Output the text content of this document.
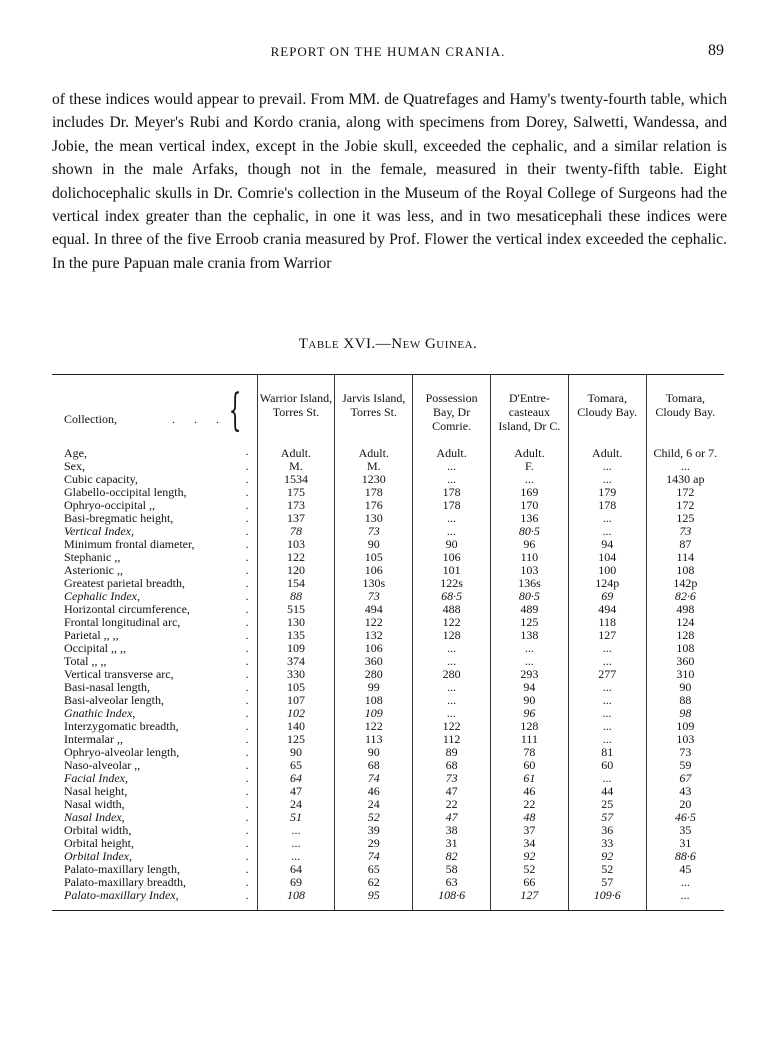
REPORT ON THE HUMAN CRANIA.	89
of these indices would appear to prevail. From MM. de Quatrefages and Hamy's twenty-fourth table, which includes Dr. Meyer's Rubi and Kordo crania, along with specimens from Dorey, Salwetti, Wandessa, and Jobie, the mean vertical index, except in the Jobie skull, exceeded the cephalic, and a similar relation is shown in the male Arfaks, though not in the female, measured in their twenty-fifth table. Eight dolichocephalic skulls in Dr. Comrie's collection in the Museum of the Royal College of Surgeons had the vertical index greater than the cephalic, in one it was less, and in two mesaticephali these indices were equal. In three of the five Erroob crania measured by Prof. Flower the vertical index exceeded the cephalic. In the pure Papuan male crania from Warrior
Table XVI.—New Guinea.
Collection, . . . {	Warrior Island, Torres St.	Jarvis Island, Torres St.	Possession Bay, Dr Comrie.	D'Entre-casteaux Island, Dr C.	Tomara, Cloudy Bay.	Tomara, Cloudy Bay.
Age, .	Adult.	Adult.	Adult.	Adult.	Adult.	Child, 6 or 7.
Sex, .	M.	M.	...	F.	...	...
Cubic capacity, .	1534	1230	...	...	...	1430 ap
Glabello-occipital length, .	175	178	178	169	179	172
Ophryo-occipital ,, .	173	176	178	170	178	172
Basi-bregmatic height, .	137	130	...	136	...	125
Vertical Index, .	78	73	...	80·5	...	73
Minimum frontal diameter, .	103	90	90	96	94	87
Stephanic ,, .	122	105	106	110	104	114
Asterionic ,, .	120	106	101	103	100	108
Greatest parietal breadth, .	154	130s	122s	136s	124p	142p
Cephalic Index, .	88	73	68·5	80·5	69	82·6
Horizontal circumference, .	515	494	488	489	494	498
Frontal longitudinal arc, .	130	122	122	125	118	124
Parietal ,, ,, .	135	132	128	138	127	128
Occipital ,, ,, .	109	106	...	...	...	108
Total ,, ,, .	374	360	...	...	...	360
Vertical transverse arc, .	330	280	280	293	277	310
Basi-nasal length, .	105	99	...	94	...	90
Basi-alveolar length, .	107	108	...	90	...	88
Gnathic Index, .	102	109	...	96	...	98
Interzygomatic breadth, .	140	122	122	128	...	109
Intermalar ,, .	125	113	112	111	...	103
Ophryo-alveolar length, .	90	90	89	78	81	73
Naso-alveolar ,, .	65	68	68	60	60	59
Facial Index, .	64	74	73	61	...	67
Nasal height, .	47	46	47	46	44	43
Nasal width, .	24	24	22	22	25	20
Nasal Index, .	51	52	47	48	57	46·5
Orbital width, .	...	39	38	37	36	35
Orbital height, .	...	29	31	34	33	31
Orbital Index, .	...	74	82	92	92	88·6
Palato-maxillary length, .	64	65	58	52	52	45
Palato-maxillary breadth, .	69	62	63	66	57	...
Palato-maxillary Index, .	108	95	108·6	127	109·6	...
